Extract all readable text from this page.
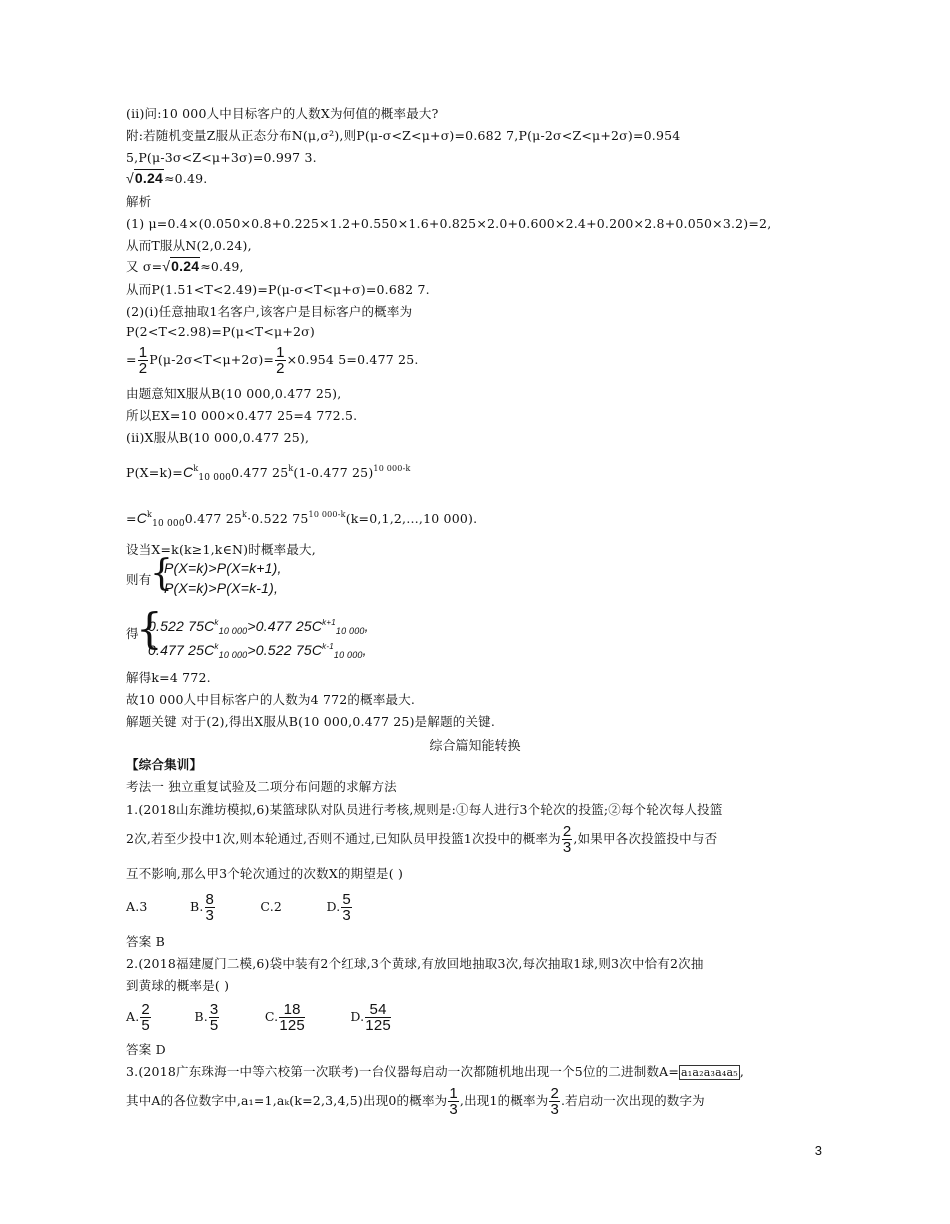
(ii)问:10 000人中目标客户的人数X为何值的概率最大?
附:若随机变量Z服从正态分布N(μ,σ²),则P(μ-σ<Z<μ+σ)=0.682 7,P(μ-2σ<Z<μ+2σ)=0.954
5,P(μ-3σ<Z<μ+3σ)=0.997 3.
√0.24≈0.49.
解析
(1) μ=0.4×(0.050×0.8+0.225×1.2+0.550×1.6+0.825×2.0+0.600×2.4+0.200×2.8+0.050×3.2)=2,
从而T服从N(2,0.24),
又 σ=√0.24≈0.49,
从而P(1.51<T<2.49)=P(μ-σ<T<μ+σ)=0.682 7.
(2)(i)任意抽取1名客户,该客户是目标客户的概率为
P(2<T<2.98)=P(μ<T<μ+2σ)
= $\frac{1}{2} P(\mu-2\sigma<T<\mu+2\sigma)= \frac{1}{2} \times 0.954$ 5=0.477 25.
由题意知X服从B(10 000,0.477 25),
所以EX=10 000×0.477 25=4 772.5.
(ii)X服从B(10 000,0.477 25),
$P(X=k)=C^k_{10 000}0.477$ 25$^k$(1-0.477 25)$^{10 000-k}$
$=C^k_{10 000}0.477$ $25^k\cdot 0.522$ $75^{10 000-k}(k=0,1,2,\dots,10$ 000).
设当X=k(k≥1,k∈N)时概率最大,
则有
{
P(X=k)>P(X=k+1),
P(X=k)>P(X=k-1),
得
{
0.522 $75C^k_{10 000}>0.477$ $25C^{k+1}_{10 000}$,
0.477 $25C^k_{10 000}>0.522$ $75C^{k-1}_{10 000}$,
解得k=4 772.
故10 000人中目标客户的人数为4 772的概率最大.
解题关键 对于(2),得出X服从B(10 000,0.477 25)是解题的关键.
综合篇知能转换
【综合集训】
考法一 独立重复试验及二项分布问题的求解方法
1.(2018山东潍坊模拟,6)某篮球队对队员进行考核,规则是:①每人进行3个轮次的投篮;②每个轮次每人投篮
2次,若至少投中1次,则本轮通过,否则不通过,已知队员甲投篮1次投中的概率为 $\frac{2}{3}$ ,如果甲各次投篮投中与否
互不影响,那么甲3个轮次通过的次数X的期望是( )
A.3	B. $\frac{8}{3}$	C.2	D. $\frac{5}{3}$
答案 B
2.(2018福建厦门二模,6)袋中装有2个红球,3个黄球,有放回地抽取3次,每次抽取1球,则3次中恰有2次抽
到黄球的概率是( )
A. $\frac{2}{5}$	B. $\frac{3}{5}$	C. $\frac{18}{125}$	D. $\frac{54}{125}$
答案 D
3.(2018广东珠海一中等六校第一次联考)一台仪器每启动一次都随机地出现一个5位的二进制数A= a₁a₂a₃a₄a₅ ,
其中A的各位数字中,a₁=1,aₖ(k=2,3,4,5)出现0的概率为 $\frac{1}{3}$ ,出现1的概率为 $\frac{2}{3}$ .若启动一次出现的数字为
3
